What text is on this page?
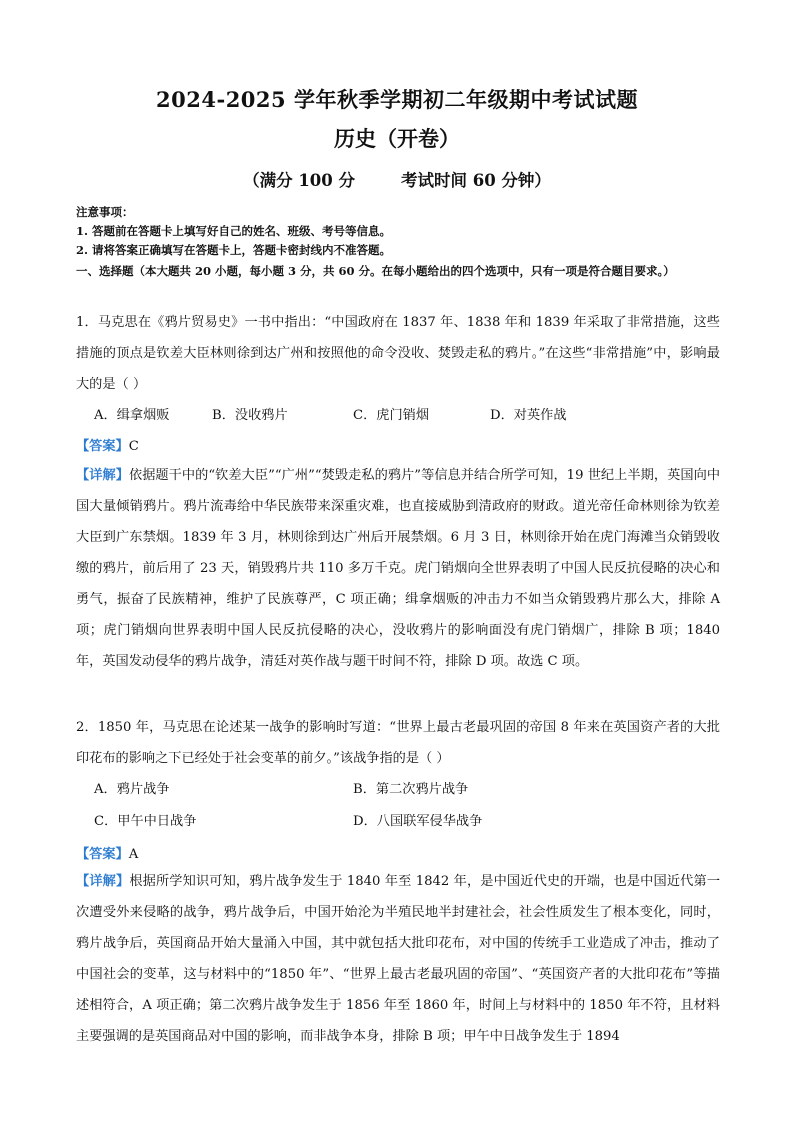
2024-2025 学年秋季学期初二年级期中考试试题
历史（开卷）
（满分 100 分        考试时间 60 分钟）
注意事项：
1. 答题前在答题卡上填写好自己的姓名、班级、考号等信息。
2. 请将答案正确填写在答题卡上，答题卡密封线内不准答题。
一、选择题（本大题共 20 小题，每小题 3 分，共 60 分。在每小题给出的四个选项中，只有一项是符合题目要求。）
1．马克思在《鸦片贸易史》一书中指出：“中国政府在 1837 年、1838 年和 1839 年采取了非常措施，这些措施的顶点是钦差大臣林则徐到达广州和按照他的命令没收、焚毁走私的鸦片。”在这些“非常措施”中，影响最大的是（ ）
A．缉拿烟贩	B．没收鸦片	C．虎门销烟	D．对英作战
【答案】C
【详解】依据题干中的“钦差大臣”“广州”“焚毁走私的鸦片”等信息并结合所学可知，19 世纪上半期，英国向中国大量倾销鸦片。鸦片流毒给中华民族带来深重灾难，也直接威胁到清政府的财政。道光帝任命林则徐为钦差大臣到广东禁烟。1839 年 3 月，林则徐到达广州后开展禁烟。6 月 3 日，林则徐开始在虎门海滩当众销毁收缴的鸦片，前后用了 23 天，销毁鸦片共 110 多万千克。虎门销烟向全世界表明了中国人民反抗侵略的决心和勇气，振奋了民族精神，维护了民族尊严，C 项正确；缉拿烟贩的冲击力不如当众销毁鸦片那么大，排除 A 项；虎门销烟向世界表明中国人民反抗侵略的决心，没收鸦片的影响面没有虎门销烟广，排除 B 项；1840 年，英国发动侵华的鸦片战争，清廷对英作战与题干时间不符，排除 D 项。故选 C 项。
2．1850 年，马克思在论述某一战争的影响时写道：“世界上最古老最巩固的帝国 8 年来在英国资产者的大批印花布的影响之下已经处于社会变革的前夕。”该战争指的是（ ）
A．鸦片战争	B．第二次鸦片战争
C．甲午中日战争	D．八国联军侵华战争
【答案】A
【详解】根据所学知识可知，鸦片战争发生于 1840 年至 1842 年，是中国近代史的开端，也是中国近代第一次遭受外来侵略的战争，鸦片战争后，中国开始沦为半殖民地半封建社会，社会性质发生了根本变化，同时，鸦片战争后，英国商品开始大量涌入中国，其中就包括大批印花布，对中国的传统手工业造成了冲击，推动了中国社会的变革，这与材料中的“1850 年”、“世界上最古老最巩固的帝国”、“英国资产者的大批印花布”等描述相符合，A 项正确；第二次鸦片战争发生于 1856 年至 1860 年，时间上与材料中的 1850 年不符，且材料主要强调的是英国商品对中国的影响，而非战争本身，排除 B 项；甲午中日战争发生于 1894
